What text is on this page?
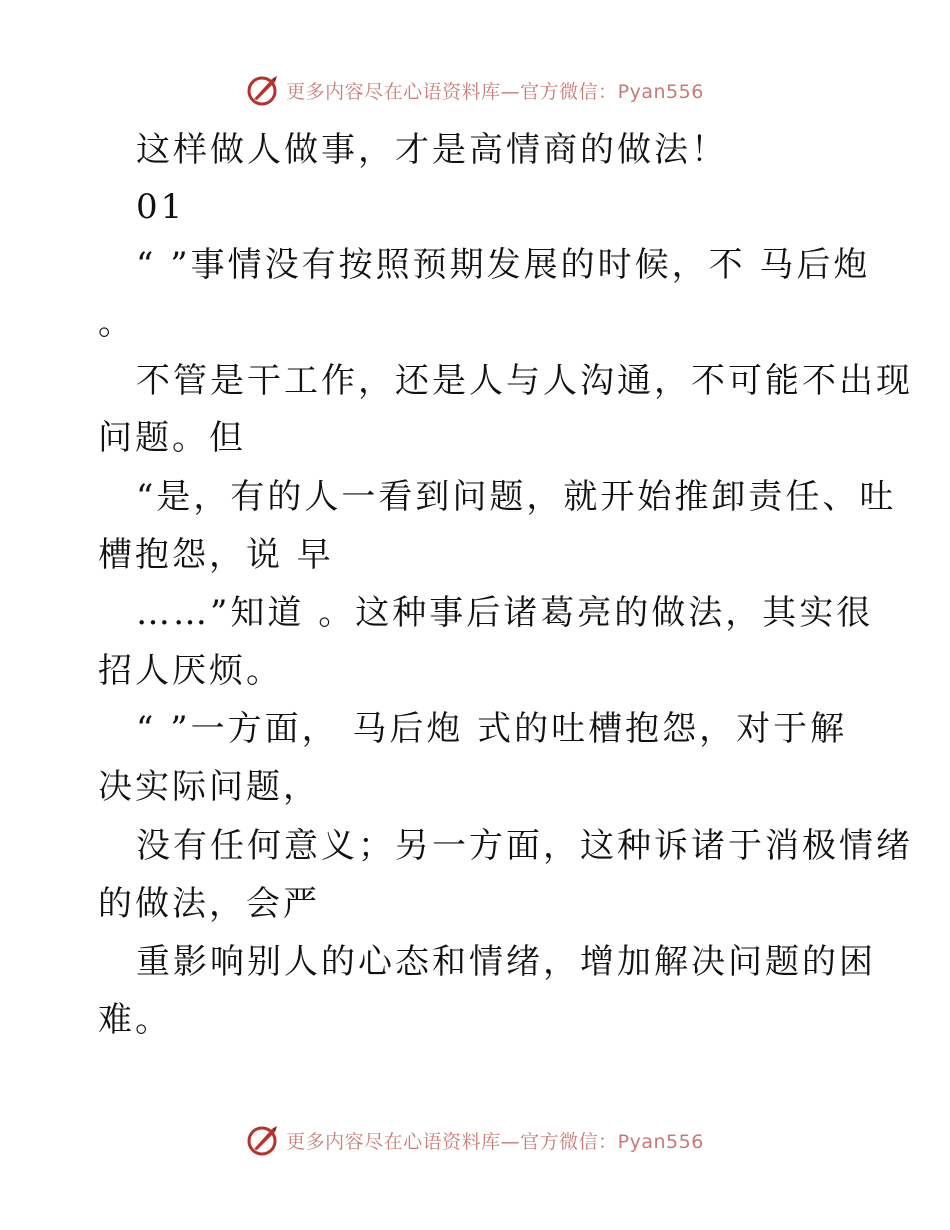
更多内容尽在心语资料库—官方微信：Pyan556
这样做人做事，才是高情商的做法！
01
“ ”事情没有按照预期发展的时候，不 马后炮
。
不管是干工作，还是人与人沟通，不可能不出现
问题。但
“是，有的人一看到问题，就开始推卸责任、吐
槽抱怨，说 早
……”知道 。这种事后诸葛亮的做法，其实很
招人厌烦。
“ ”一方面， 马后炮 式的吐槽抱怨，对于解
决实际问题，
没有任何意义；另一方面，这种诉诸于消极情绪
的做法，会严
重影响别人的心态和情绪，增加解决问题的困
难。
更多内容尽在心语资料库—官方微信：Pyan556
